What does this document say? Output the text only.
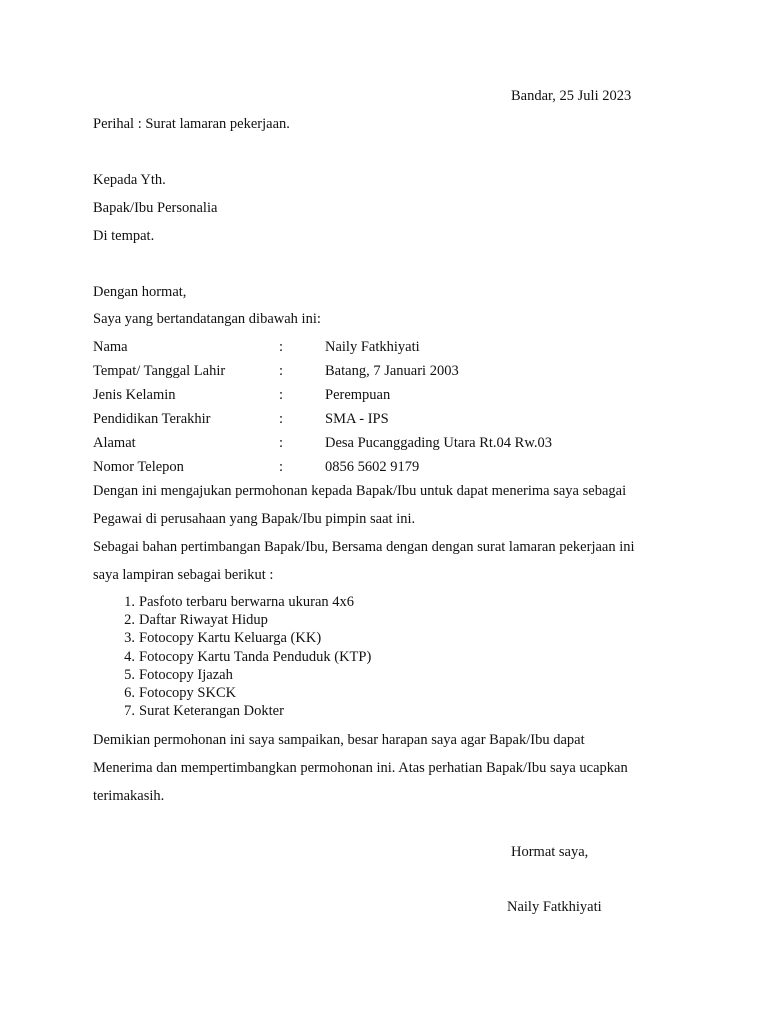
Bandar, 25 Juli 2023
Perihal : Surat lamaran pekerjaan.
Kepada Yth.
Bapak/Ibu Personalia
Di tempat.
Dengan hormat,
Saya yang bertandatangan dibawah ini:
Nama	:	Naily Fatkhiyati
Tempat/ Tanggal Lahir	:	Batang, 7 Januari 2003
Jenis Kelamin	:	Perempuan
Pendidikan Terakhir	:	SMA - IPS
Alamat	:	Desa Pucanggading Utara Rt.04 Rw.03
Nomor Telepon	:	0856 5602 9179
Dengan ini mengajukan permohonan kepada Bapak/Ibu untuk dapat menerima saya sebagai
Pegawai di perusahaan yang Bapak/Ibu pimpin saat ini.
Sebagai bahan pertimbangan Bapak/Ibu, Bersama dengan dengan surat lamaran pekerjaan ini
saya lampiran sebagai berikut :
1. Pasfoto terbaru berwarna ukuran 4x6
2. Daftar Riwayat Hidup
3. Fotocopy Kartu Keluarga (KK)
4. Fotocopy Kartu Tanda Penduduk (KTP)
5. Fotocopy Ijazah
6. Fotocopy SKCK
7. Surat Keterangan Dokter
Demikian permohonan ini saya sampaikan, besar harapan saya agar Bapak/Ibu dapat
Menerima dan mempertimbangkan permohonan ini. Atas perhatian Bapak/Ibu saya ucapkan
terimakasih.
Hormat saya,
Naily Fatkhiyati
